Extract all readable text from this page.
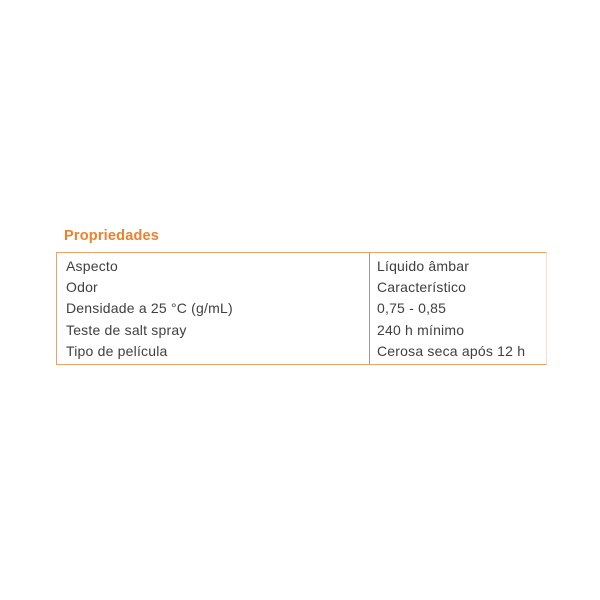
Propriedades
Aspecto	Líquido âmbar
Odor	Característico
Densidade a 25 °C (g/mL)	0,75 - 0,85
Teste de salt spray	240 h mínimo
Tipo de película	Cerosa seca após 12 h
